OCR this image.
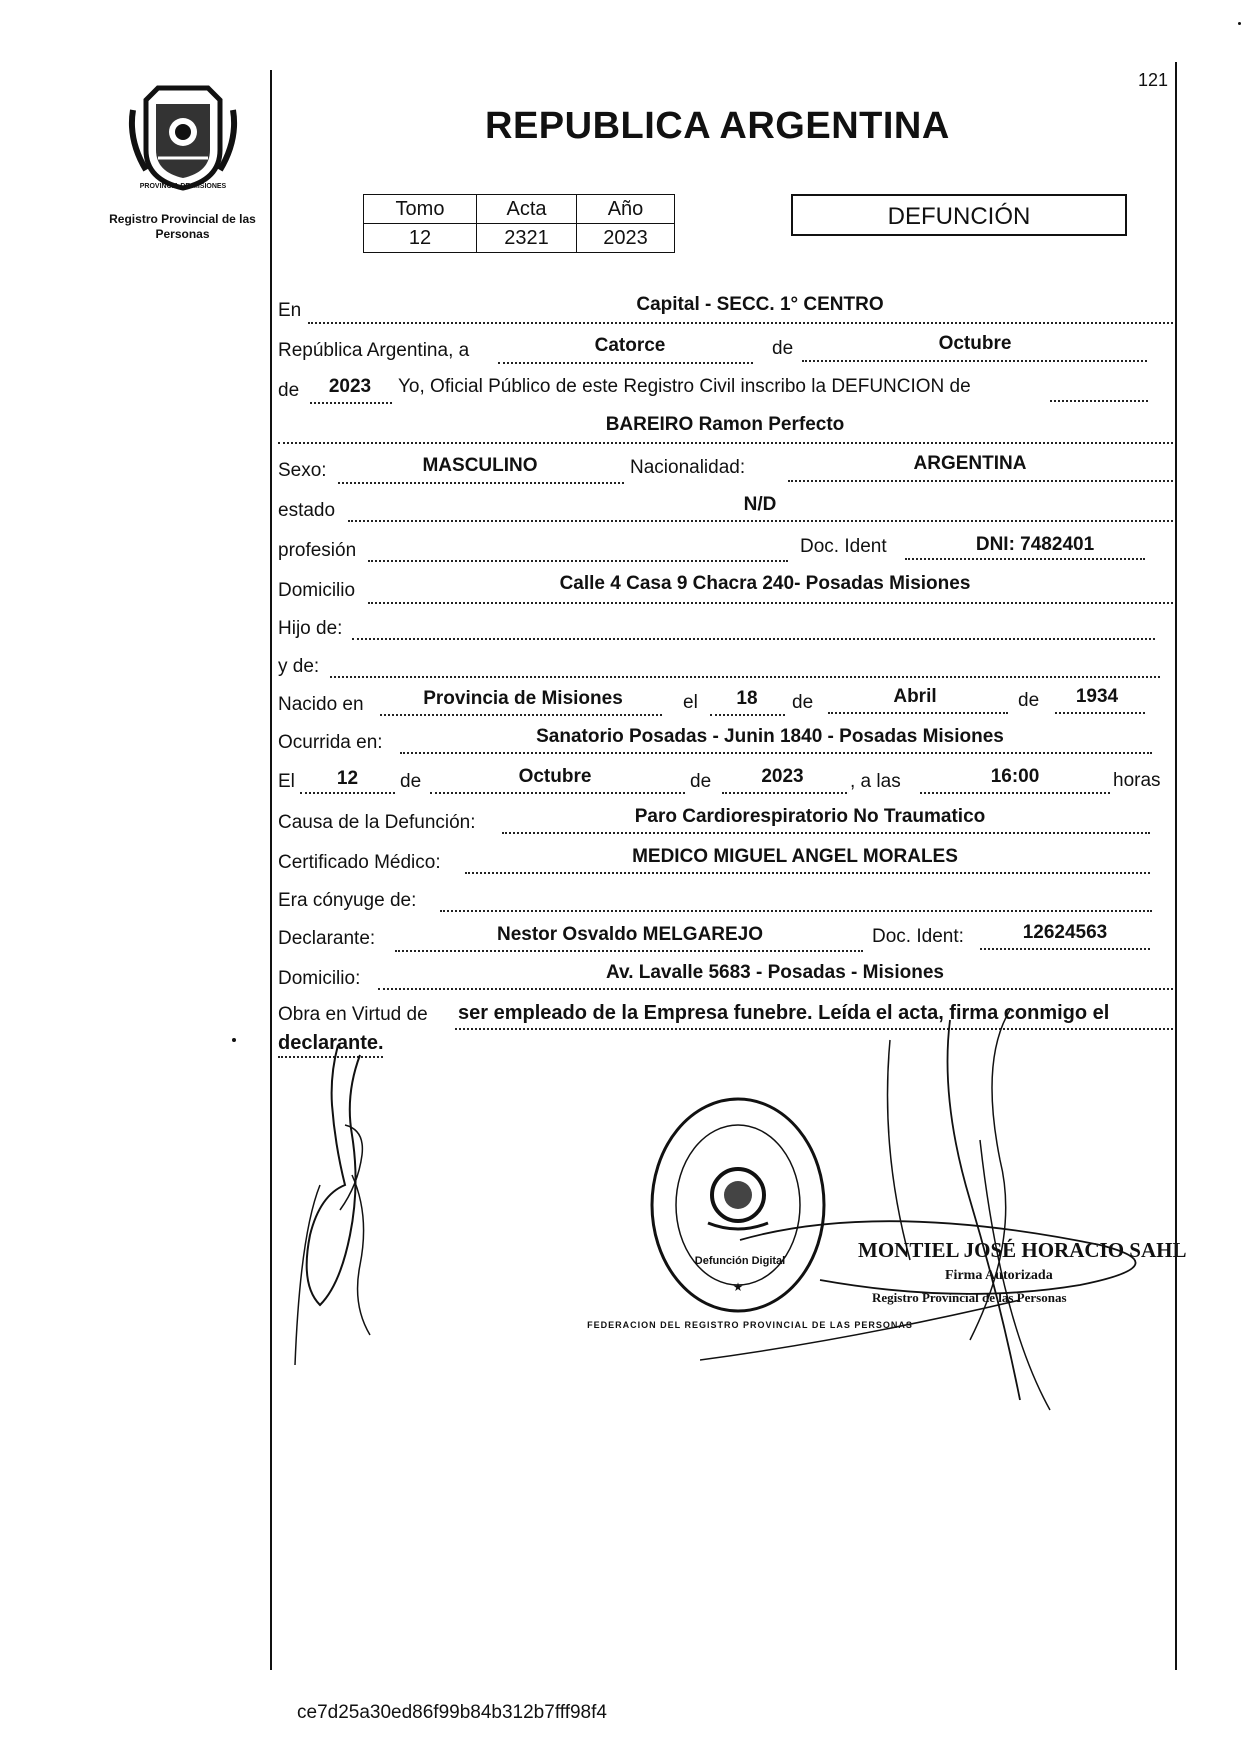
PROVINCIA DE MISIONES
Registro Provincial de las Personas
121
REPUBLICA ARGENTINA
Tomo	Acta	Año
12	2321	2023
DEFUNCIÓN
En	Capital - SECC. 1° CENTRO
República Argentina, a	Catorce	de	Octubre
de	2023	Yo, Oficial Público de este Registro Civil inscribo la DEFUNCION de
BAREIRO Ramon Perfecto
Sexo:	MASCULINO	Nacionalidad:	ARGENTINA
estado	N/D
profesión	Doc. Ident	DNI: 7482401
Domicilio	Calle 4 Casa 9 Chacra 240- Posadas Misiones
Hijo de:
y de:
Nacido en	Provincia de Misiones	el	18	de	Abril	de	1934
Ocurrida en:	Sanatorio Posadas - Junin 1840 - Posadas Misiones
El	12	de	Octubre	de	2023	, a las	16:00	horas
Causa de la Defunción:	Paro Cardiorespiratorio No Traumatico
Certificado Médico:	MEDICO MIGUEL ANGEL MORALES
Era cónyuge de:
Declarante:	Nestor Osvaldo MELGAREJO	Doc. Ident:	12624563
Domicilio:	Av. Lavalle 5683 - Posadas - Misiones
Obra en Virtud de ser empleado de la Empresa funebre. Leída el acta, firma conmigo el
declarante.
★
Defunción Digital
FEDERACION DEL REGISTRO PROVINCIAL DE LAS PERSONAS
MONTIEL JOSÉ HORACIO SAHL
Firma Autorizada
Registro Provincial de las Personas
ce7d25a30ed86f99b84b312b7fff98f4
